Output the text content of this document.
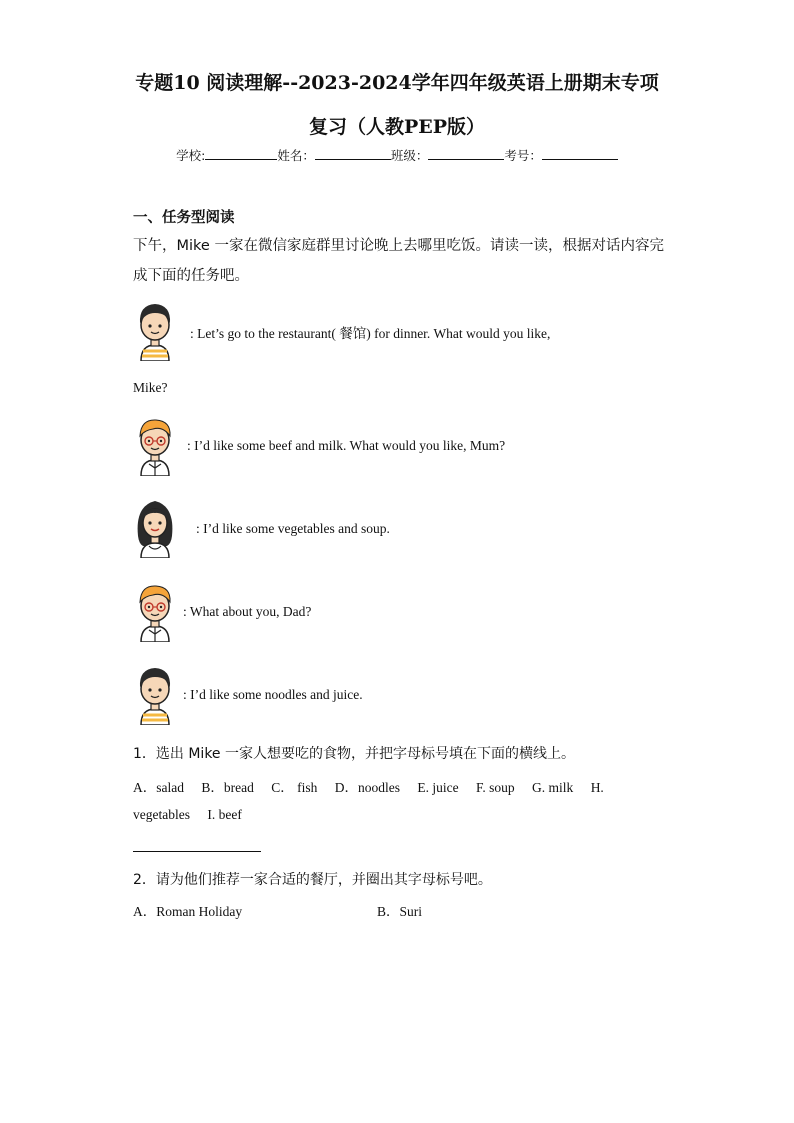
专题10 阅读理解--2023-2024学年四年级英语上册期末专项
复习（人教PEP版）
学校:	姓名：	班级：	考号：
一、任务型阅读
下午，Mike 一家在微信家庭群里讨论晚上去哪里吃饭。请读一读，根据对话内容完成下面的任务吧。
: Let’s go to the restaurant( 餐馆) for dinner. What would you like,
Mike?
: I’d like some beef and milk. What would you like, Mum?
: I’d like some vegetables and soup.
: What about you, Dad?
: I’d like some noodles and juice.
1．选出 Mike 一家人想要吃的食物，并把字母标号填在下面的横线上。
A．salad B．bread C． fish D．noodles E. juice F. soup G. milk H.
vegetables I. beef
2．请为他们推荐一家合适的餐厅，并圈出其字母标号吧。
A．Roman Holiday	B．Suri
